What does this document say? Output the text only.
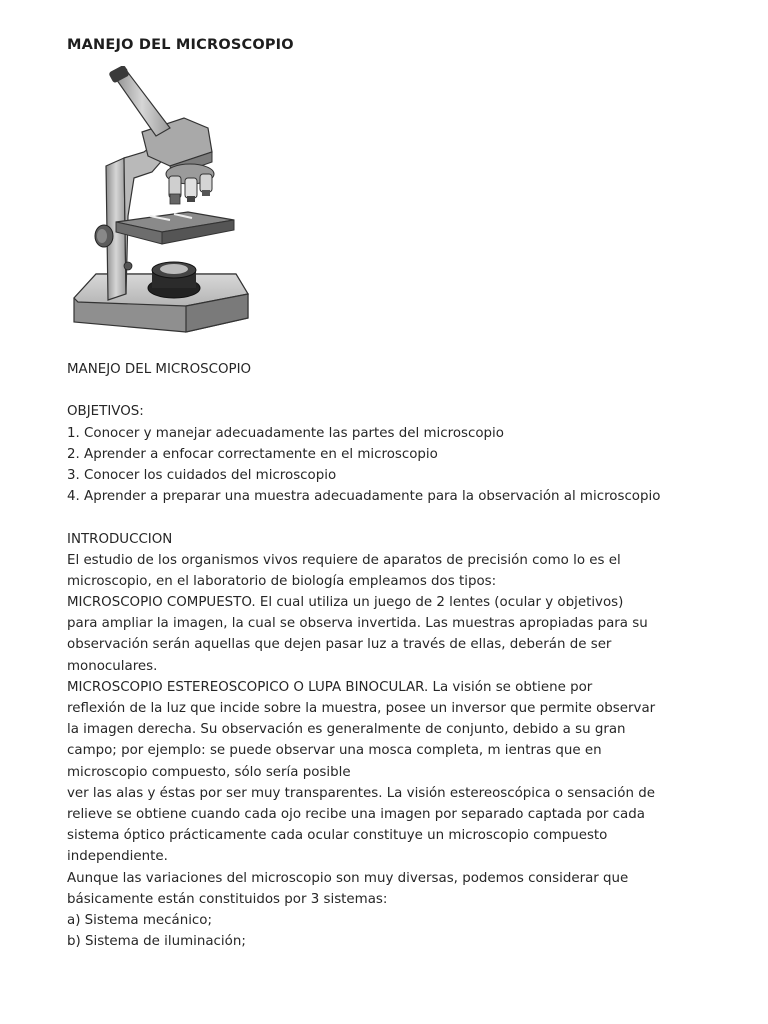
MANEJO DEL MICROSCOPIO
MANEJO DEL MICROSCOPIO
OBJETIVOS:
1. Conocer y manejar adecuadamente las partes del microscopio
2. Aprender a enfocar correctamente en el microscopio
3. Conocer los cuidados del microscopio
4. Aprender a preparar una muestra adecuadamente para la observación al microscopio
INTRODUCCION
El estudio de los organismos vivos requiere de aparatos de precisión como lo es el
microscopio, en el laboratorio de biología empleamos dos tipos:
MICROSCOPIO COMPUESTO. El cual utiliza un juego de 2 lentes (ocular y objetivos)
para ampliar la imagen, la cual se observa invertida. Las muestras apropiadas para su
observación serán aquellas que dejen pasar luz a través de ellas, deberán de ser
monoculares.
MICROSCOPIO ESTEREOSCOPICO O LUPA BINOCULAR. La visión se obtiene por
reflexión de la luz que incide sobre la muestra, posee un inversor que permite observar
la imagen derecha. Su observación es generalmente de conjunto, debido a su gran
campo; por ejemplo: se puede observar una mosca completa, m ientras que en
microscopio compuesto, sólo sería posible
ver las alas y éstas por ser muy transparentes. La visión estereoscópica o sensación de
relieve se obtiene cuando cada ojo recibe una imagen por separado captada por cada
sistema óptico prácticamente cada ocular constituye un microscopio compuesto
independiente.
Aunque las variaciones del microscopio son muy diversas, podemos considerar que
básicamente están constituidos por 3 sistemas:
a) Sistema mecánico;
b) Sistema de iluminación;
